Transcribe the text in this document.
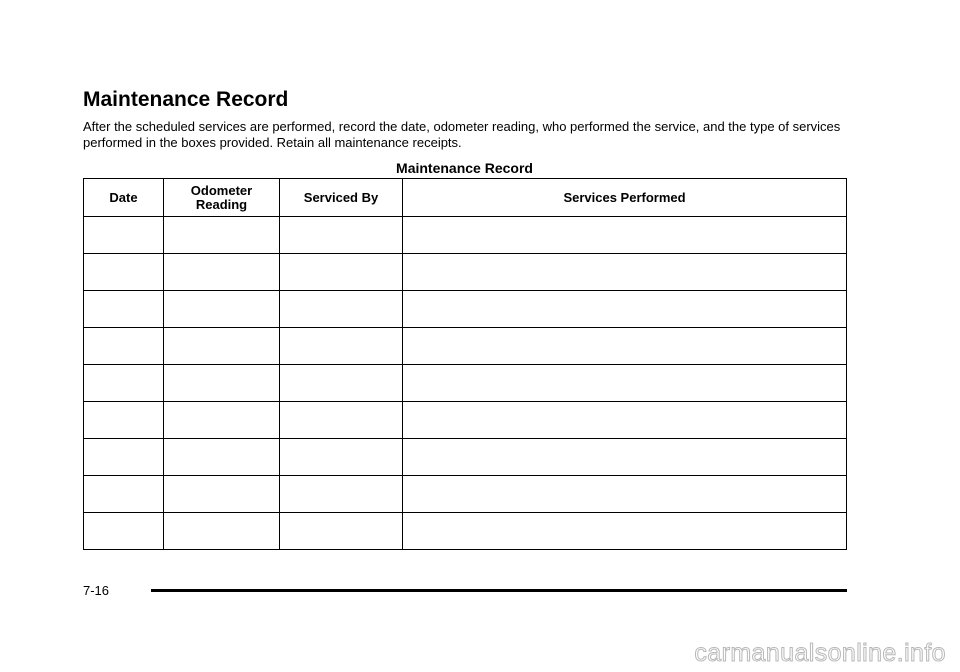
Maintenance Record

After the scheduled services are performed, record the date, odometer reading, who performed the service, and the type of services performed in the boxes provided. Retain all maintenance receipts.

Maintenance Record
Date	Odometer Reading	Serviced By	Services Performed

7-16
carmanualsonline.info
